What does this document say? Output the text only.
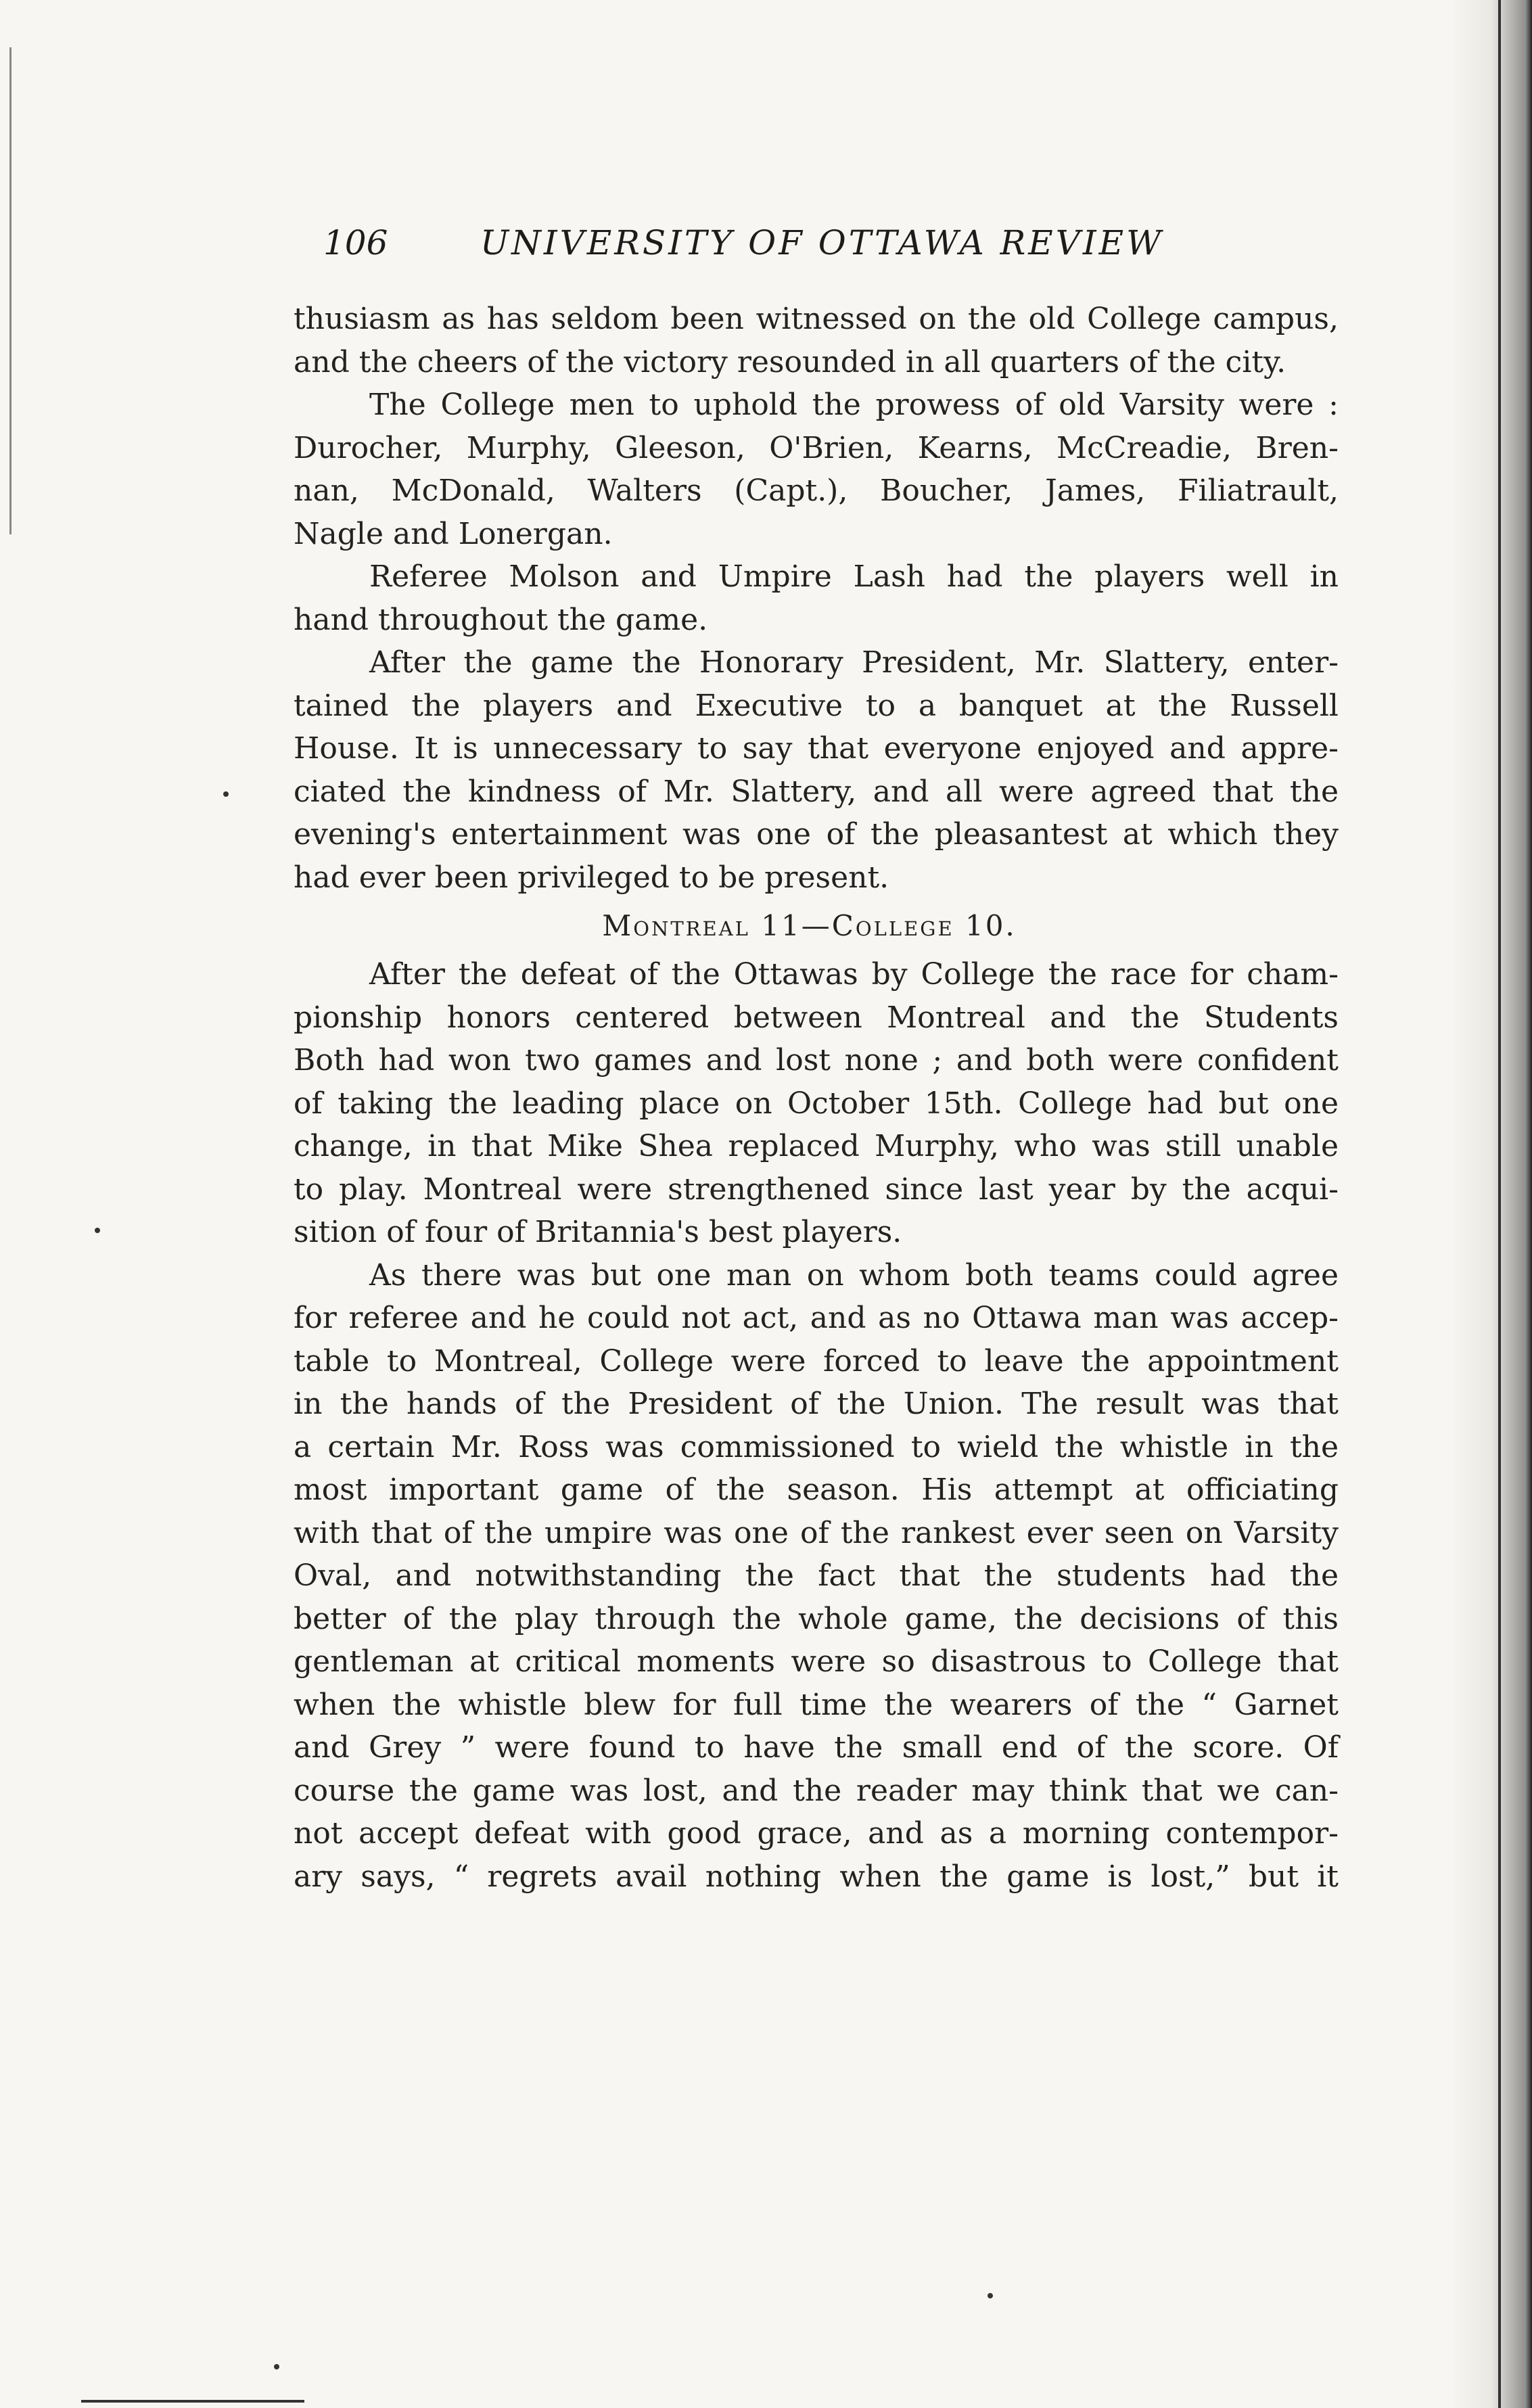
106	UNIVERSITY OF OTTAWA REVIEW
thusiasm as has seldom been witnessed on the old College campus,
and the cheers of the victory resounded in all quarters of the city.
The College men to uphold the prowess of old Varsity were :
Durocher, Murphy, Gleeson, O'Brien, Kearns, McCreadie, Bren-
nan, McDonald, Walters (Capt.), Boucher, James, Filiatrault,
Nagle and Lonergan.
Referee Molson and Umpire Lash had the players well in
hand throughout the game.
After the game the Honorary President, Mr. Slattery, enter-
tained the players and Executive to a banquet at the Russell
House. It is unnecessary to say that everyone enjoyed and appre-
ciated the kindness of Mr. Slattery, and all were agreed that the
evening's entertainment was one of the pleasantest at which they
had ever been privileged to be present.
Montreal 11—College 10.
After the defeat of the Ottawas by College the race for cham-
pionship honors centered between Montreal and the Students
Both had won two games and lost none ; and both were confident
of taking the leading place on October 15th. College had but one
change, in that Mike Shea replaced Murphy, who was still unable
to play. Montreal were strengthened since last year by the acqui-
sition of four of Britannia's best players.
As there was but one man on whom both teams could agree
for referee and he could not act, and as no Ottawa man was accep-
table to Montreal, College were forced to leave the appointment
in the hands of the President of the Union. The result was that
a certain Mr. Ross was commissioned to wield the whistle in the
most important game of the season. His attempt at officiating
with that of the umpire was one of the rankest ever seen on Varsity
Oval, and notwithstanding the fact that the students had the
better of the play through the whole game, the decisions of this
gentleman at critical moments were so disastrous to College that
when the whistle blew for full time the wearers of the “ Garnet
and Grey ” were found to have the small end of the score. Of
course the game was lost, and the reader may think that we can-
not accept defeat with good grace, and as a morning contempor-
ary says, “ regrets avail nothing when the game is lost,” but it
